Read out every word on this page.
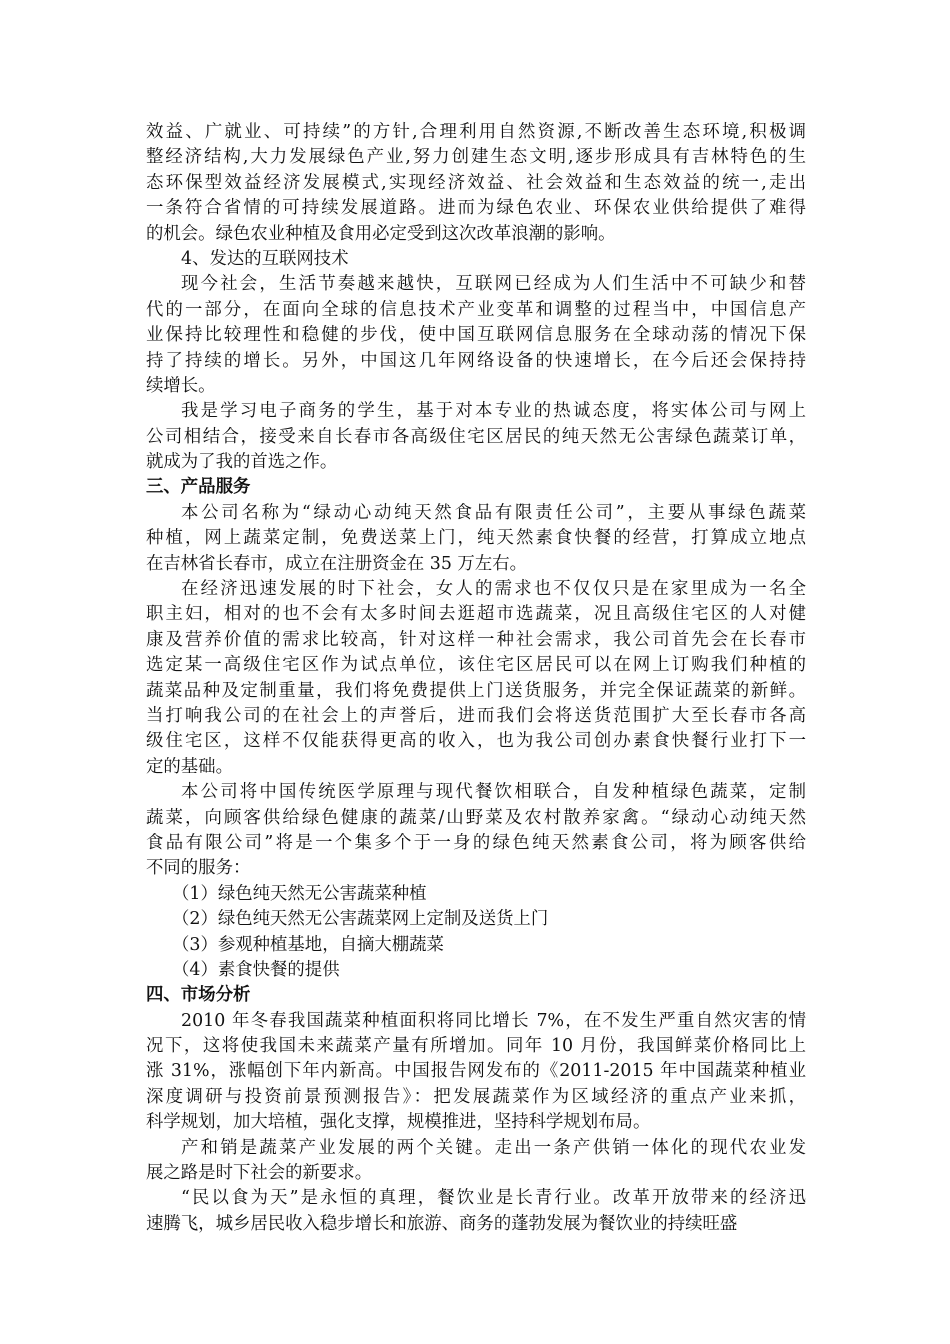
效益、广就业、可持续”的方针,合理利用自然资源,不断改善生态环境,积极调
整经济结构,大力发展绿色产业,努力创建生态文明,逐步形成具有吉林特色的生
态环保型效益经济发展模式,实现经济效益、社会效益和生态效益的统一,走出
一条符合省情的可持续发展道路。进而为绿色农业、环保农业供给提供了难得
的机会。绿色农业种植及食用必定受到这次改革浪潮的影响。
4、发达的互联网技术
现今社会，生活节奏越来越快，互联网已经成为人们生活中不可缺少和替
代的一部分，在面向全球的信息技术产业变革和调整的过程当中，中国信息产
业保持比较理性和稳健的步伐，使中国互联网信息服务在全球动荡的情况下保
持了持续的增长。另外，中国这几年网络设备的快速增长，在今后还会保持持
续增长。
我是学习电子商务的学生，基于对本专业的热诚态度，将实体公司与网上
公司相结合，接受来自长春市各高级住宅区居民的纯天然无公害绿色蔬菜订单，
就成为了我的首选之作。
三、产品服务
本公司名称为“绿动心动纯天然食品有限责任公司”，主要从事绿色蔬菜
种植，网上蔬菜定制，免费送菜上门，纯天然素食快餐的经营，打算成立地点
在吉林省长春市，成立在注册资金在 35 万左右。
在经济迅速发展的时下社会，女人的需求也不仅仅只是在家里成为一名全
职主妇，相对的也不会有太多时间去逛超市选蔬菜，况且高级住宅区的人对健
康及营养价值的需求比较高，针对这样一种社会需求，我公司首先会在长春市
选定某一高级住宅区作为试点单位，该住宅区居民可以在网上订购我们种植的
蔬菜品种及定制重量，我们将免费提供上门送货服务，并完全保证蔬菜的新鲜。
当打响我公司的在社会上的声誉后，进而我们会将送货范围扩大至长春市各高
级住宅区，这样不仅能获得更高的收入，也为我公司创办素食快餐行业打下一
定的基础。
本公司将中国传统医学原理与现代餐饮相联合，自发种植绿色蔬菜，定制
蔬菜，向顾客供给绿色健康的蔬菜/山野菜及农村散养家禽。“绿动心动纯天然
食品有限公司”将是一个集多个于一身的绿色纯天然素食公司，将为顾客供给
不同的服务：
（1）绿色纯天然无公害蔬菜种植
（2）绿色纯天然无公害蔬菜网上定制及送货上门
（3）参观种植基地，自摘大棚蔬菜
（4）素食快餐的提供
四、市场分析
2010 年冬春我国蔬菜种植面积将同比增长 7%，在不发生严重自然灾害的情
况下，这将使我国未来蔬菜产量有所增加。同年 10 月份，我国鲜菜价格同比上
涨 31%，涨幅创下年内新高。中国报告网发布的《2011-2015 年中国蔬菜种植业
深度调研与投资前景预测报告》：把发展蔬菜作为区域经济的重点产业来抓，
科学规划，加大培植，强化支撑，规模推进，坚持科学规划布局。
产和销是蔬菜产业发展的两个关键。走出一条产供销一体化的现代农业发
展之路是时下社会的新要求。
“民以食为天”是永恒的真理，餐饮业是长青行业。改革开放带来的经济迅
速腾飞，城乡居民收入稳步增长和旅游、商务的蓬勃发展为餐饮业的持续旺盛
